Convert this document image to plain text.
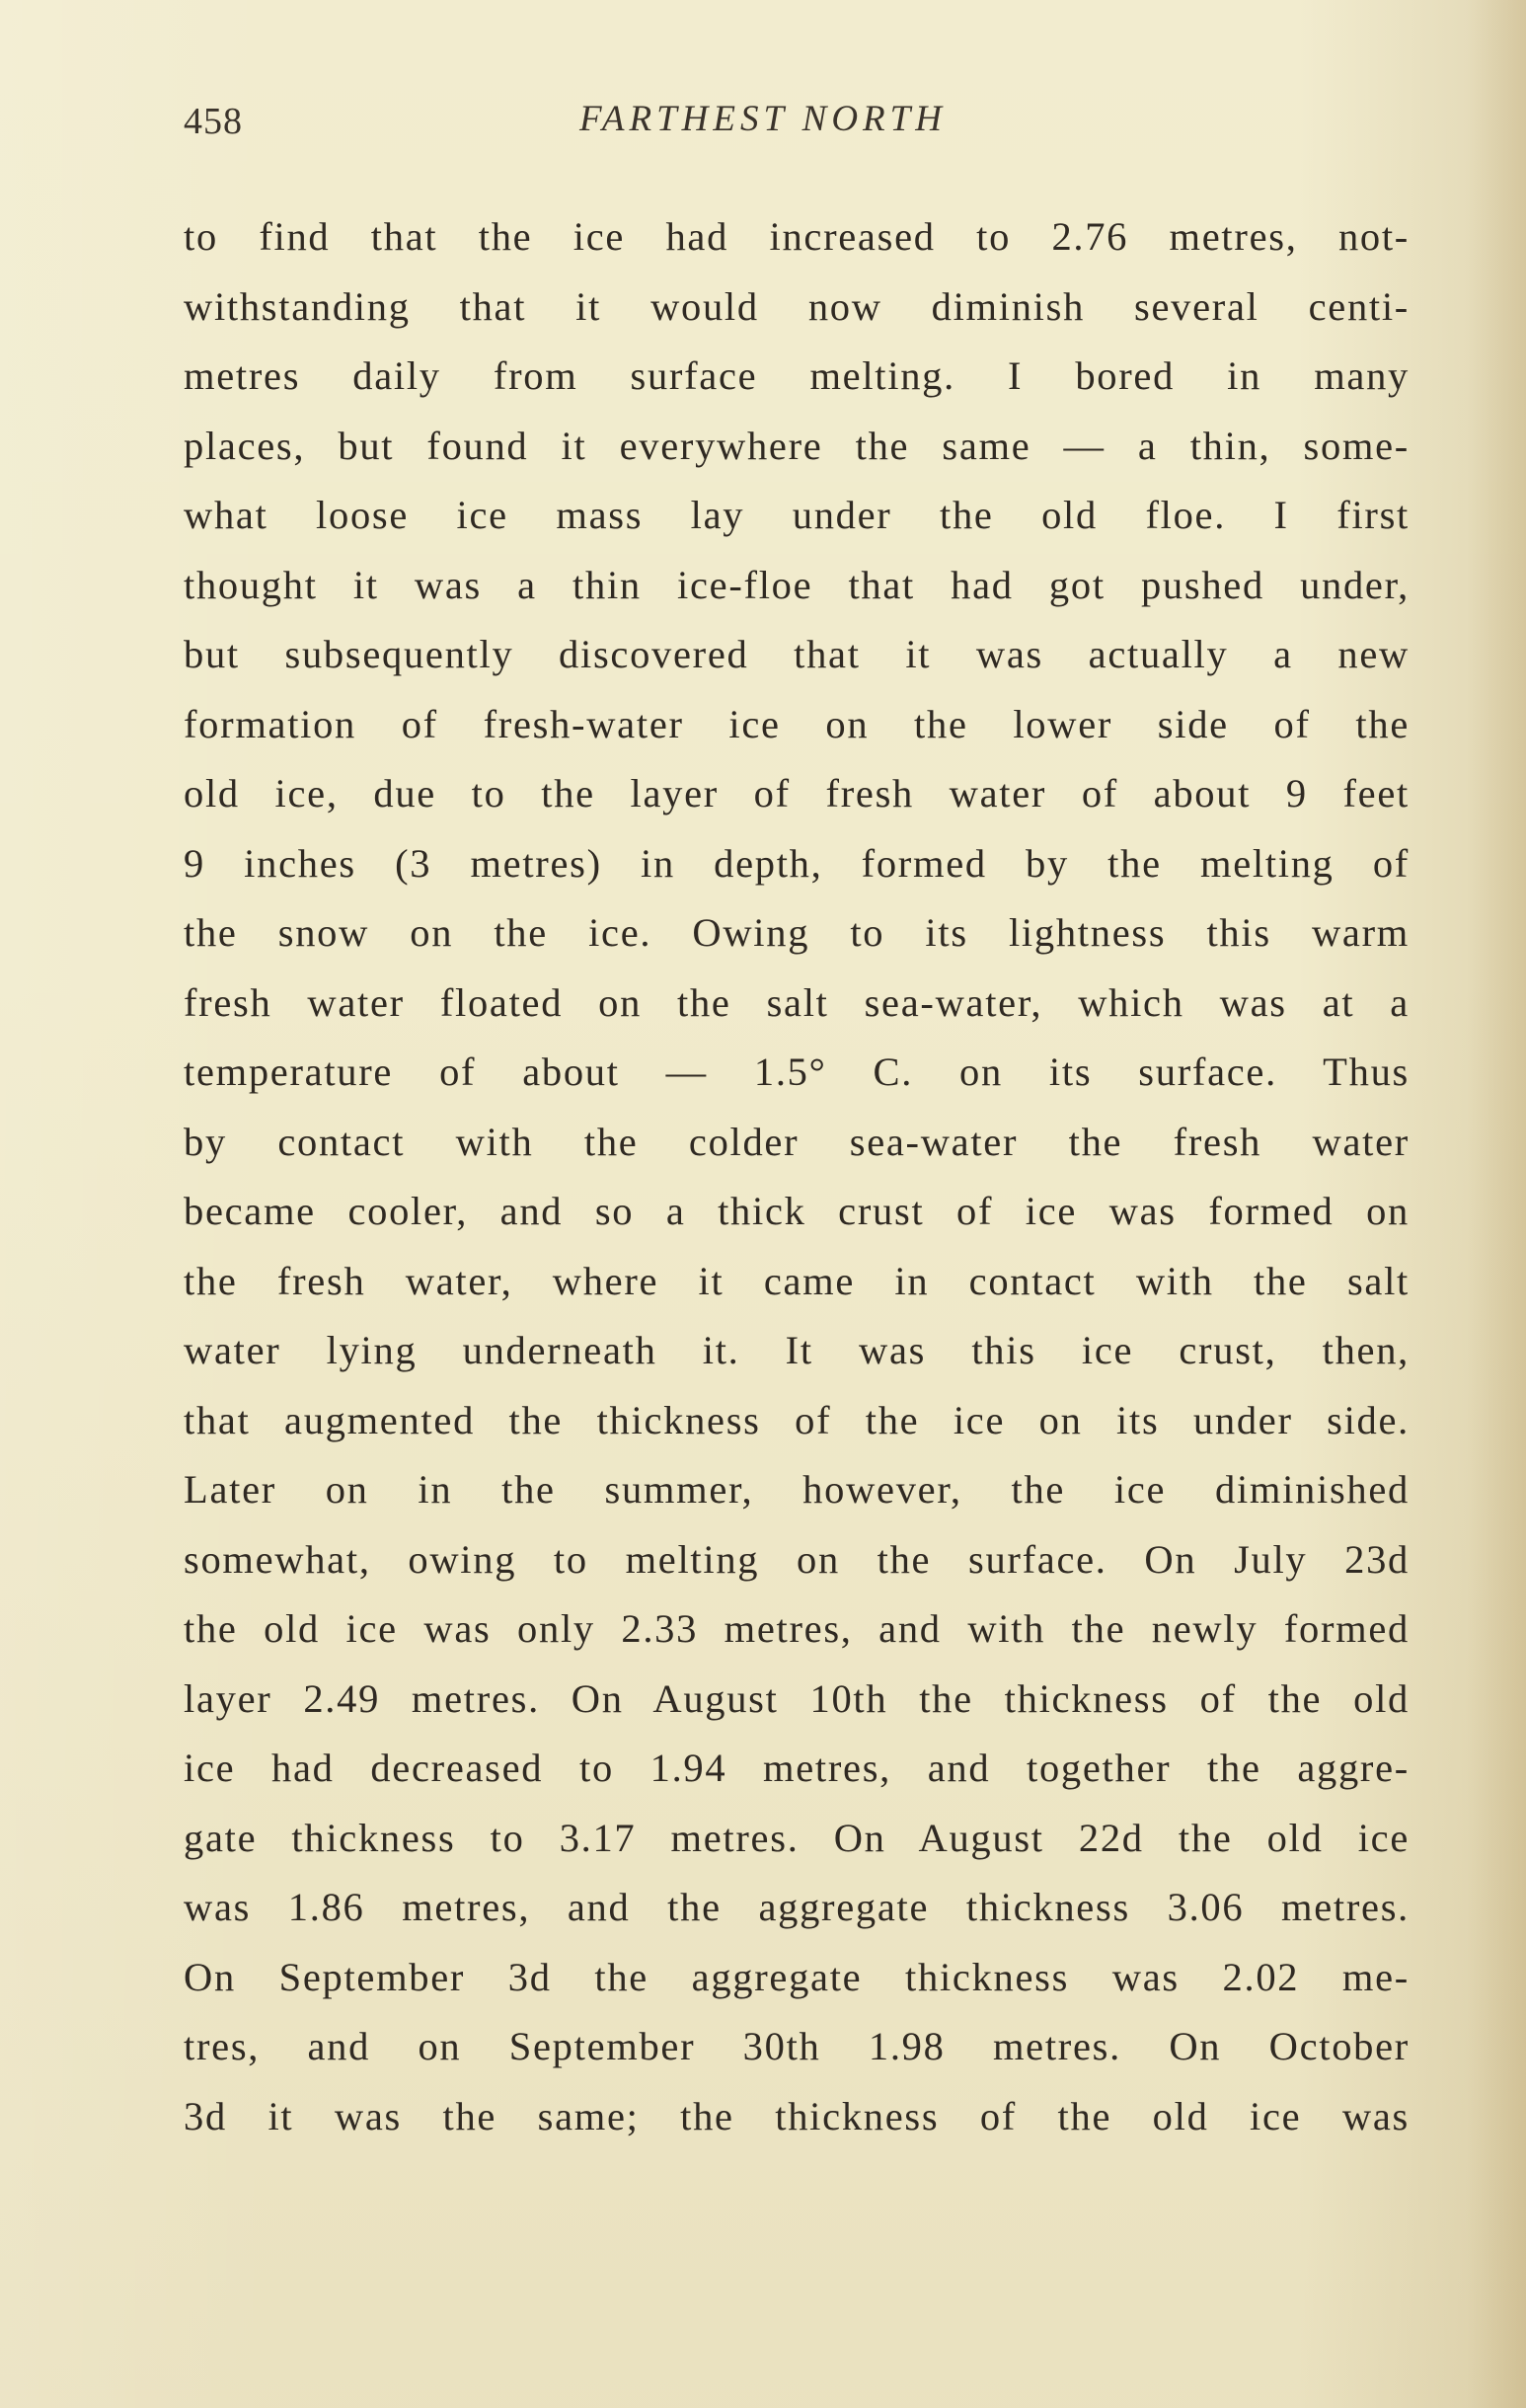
458	FARTHEST NORTH
to find that the ice had increased to 2.76 metres, not-
withstanding that it would now diminish several centi-
metres daily from surface melting. I bored in many
places, but found it everywhere the same — a thin, some-
what loose ice mass lay under the old floe. I first
thought it was a thin ice-floe that had got pushed under,
but subsequently discovered that it was actually a new
formation of fresh-water ice on the lower side of the
old ice, due to the layer of fresh water of about 9 feet
9 inches (3 metres) in depth, formed by the melting of
the snow on the ice. Owing to its lightness this warm
fresh water floated on the salt sea-water, which was at a
temperature of about — 1.5° C. on its surface. Thus
by contact with the colder sea-water the fresh water
became cooler, and so a thick crust of ice was formed on
the fresh water, where it came in contact with the salt
water lying underneath it. It was this ice crust, then,
that augmented the thickness of the ice on its under side.
Later on in the summer, however, the ice diminished
somewhat, owing to melting on the surface. On July 23d
the old ice was only 2.33 metres, and with the newly formed
layer 2.49 metres. On August 10th the thickness of the old
ice had decreased to 1.94 metres, and together the aggre-
gate thickness to 3.17 metres. On August 22d the old ice
was 1.86 metres, and the aggregate thickness 3.06 metres.
On September 3d the aggregate thickness was 2.02 me-
tres, and on September 30th 1.98 metres. On October
3d it was the same; the thickness of the old ice was
